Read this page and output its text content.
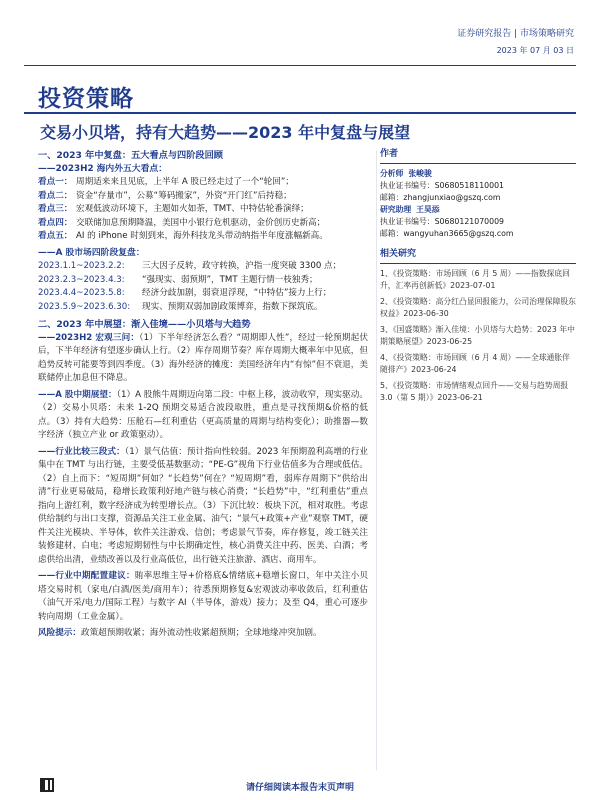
证券研究报告 | 市场策略研究
2023 年 07 月 03 日
投资策略
交易小贝塔，持有大趋势——2023 年中复盘与展望
一、2023 年中复盘：五大看点与四阶段回顾
——2023H2 海内外五大看点：
看点一： 周期适来来且见底，上半年 A 股已经走过了一个“轮回”；
看点二： 资金“存量市”，公募“筹码搬家”，外资“开门红”后持稳；
看点三： 宏观低波动环境下，主题如火如荼，TMT、中特估轮番演绎；
看点四： 交联储加息预期降温，美国中小银行危机驱动，金价创历史新高；
看点五： AI 的 iPhone 时刻到来，海外科技龙头带动纳指半年度涨幅新高。
——A 股市场四阶段复盘：
2023.1.1~2023.2.2:	三大因子反转，政守转换，沪指一度突破 3300 点；
2023.2.3~2023.4.3:	“强现实、弱预期”，TMT 主题行情一枝独秀；
2023.4.4~2023.5.8:	经济分歧加剧，弱衰退浮现，“中特估”接力上行；
2023.5.9~2023.6.30:	现实、预期双弱加剧政策博弈，指数下探筑底。
二、2023 年中展望：渐入佳境——小贝塔与大趋势
——2023H2 宏观三问：（1）下半年经济怎么看？“周期即人性”，经过一轮预期起伏后，下半年经济有望逐步确认上行。（2）库存周期节奏？库存周期大概率年中见底，但趋势反转可能要等到四季度。（3）海外经济的摊度：美国经济年内“有惊”但不衰退，美联储停止加息但不降息。
——A 股中期展望：（1）A 股熊牛周期迈向第二段：中枢上移，波动收窄，现实驱动。（2）交易小贝塔：未来 1-2Q 预期交易适合波段取胜，重点是寻找预期&价格的低点。（3）持有大趋势：压舱石—红利重估（更高质量的周期与结构变化）；助推器—数字经济（独立产业 or 政策驱动）。
——行业比较三段式：（1）景气估值：预计指向性较弱。2023 年预期盈利高增的行业集中在 TMT 与出行链，主要受低基数驱动；“PE-G”视角下行业估值多为合理或低估。（2）自上而下：“短周期”何如？“长趋势”何在？“短周期”看，弱库存周期下“供给出清”行业更易破局，稳增长政策利好地产链与核心消费；“长趋势”中，“红利重估”重点指向上游红利，数字经济成为转型增长点。（3）下沉比较：板块下沉，相对取胜。考虑供给制约与出口支撑，资源品关注工业金属、油气；“景气+政策+产业”观察 TMT，硬件关注光模块、半导体，软件关注游戏、信创；考虑景气节奏，库存修复，竣工链关注装修建材、白电；考虑短期韧性与中长期确定性，核心消费关注中药、医美、白酒；考虑供给出清，业绩改善以及行业高低位，出行链关注旅游、酒店、商用车。
——行业中期配置建议：賄率思维主导+价格底&情绪底+稳增长窗口，年中关注小贝塔交易时机（家电/白酒/医美/商用车）；待悉预期修复&宏观波动率收敛后，红利重估（油气开采/电力/国际工程）与数字 AI（半导体，游戏）接力；及至 Q4，重心可逐步转向周期（工业金属）。
风险提示：政策超预期收紧；海外流动性收紧超预期；全球地缘冲突加剧。
作者
分析师 张峻骏
执业证书编号：S0680518110001
邮箱：zhangjunxiao@gszq.com
研究助理 王昊添
执业证书编号：S0680121070009
邮箱：wangyuhan3665@gszq.com
相关研究
1、《投资策略：市场回顾（6 月 5 周）——指数探底回升，汇率再创新低》2023-07-01
2、《投资策略：高分红凸显回报能力，公司治理保障股东权益》2023-06-30
3、《国盛策略》渐入佳境：小贝塔与大趋势：2023 年中期策略展望》2023-06-25
4、《投资策略：市场回顾（6 月 4 周）——全球通胀伴随排产》2023-06-24
5、《投资策略：市场情绪观点回升——交易与趋势周报 3.0（第 5 期）》2023-06-21
请仔细阅读本报告末页声明
